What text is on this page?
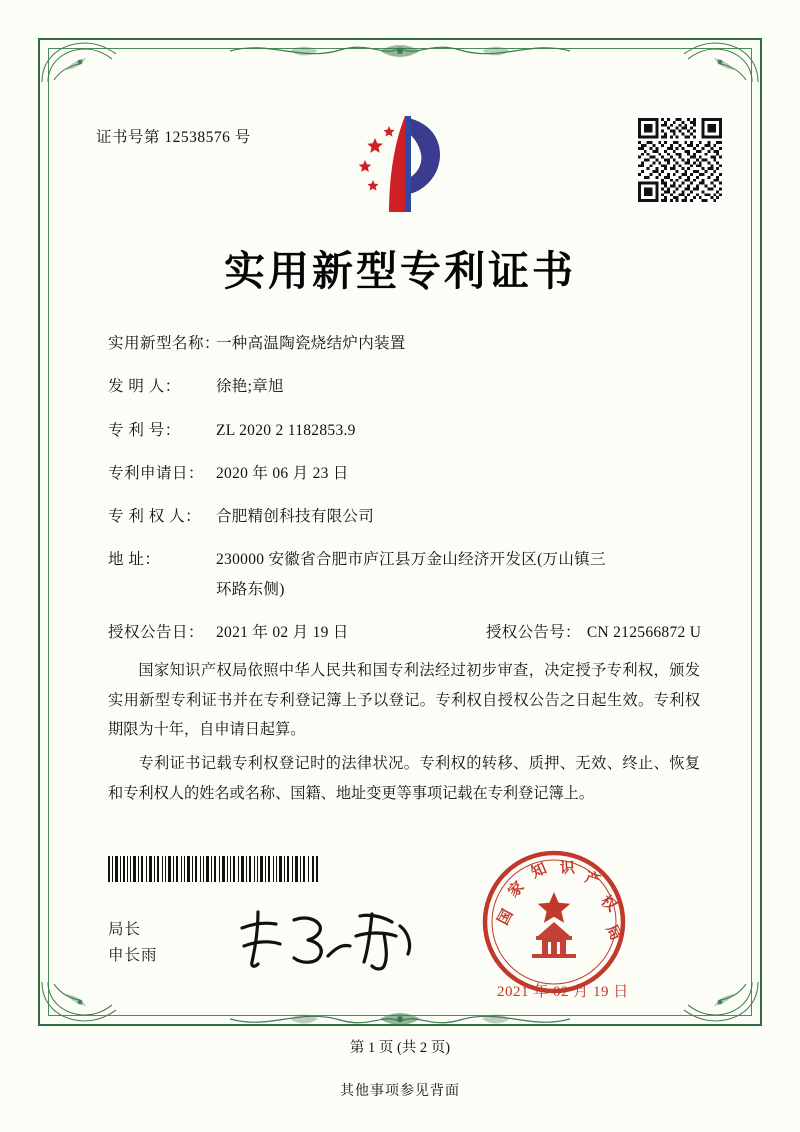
证书号第 12538576 号
实用新型专利证书
实用新型名称：
一种高温陶瓷烧结炉内装置
发 明 人：	徐艳;章旭
专 利 号：	ZL 2020 2 1182853.9
专利申请日： 2020 年 06 月 23 日
专 利 权 人： 合肥精创科技有限公司
地 址：	230000 安徽省合肥市庐江县万金山经济开发区(万山镇三
环路东侧)
授权公告日： 2021 年 02 月 19 日	授权公告号： CN 212566872 U

国家知识产权局依照中华人民共和国专利法经过初步审查，决定授予专利权，颁发实用新型专利证书并在专利登记簿上予以登记。专利权自授权公告之日起生效。专利权期限为十年，自申请日起算。

专利证书记载专利权登记时的法律状况。专利权的转移、质押、无效、终止、恢复和专利权人的姓名或名称、国籍、地址变更等事项记载在专利登记簿上。

局长
申长雨
国
家
知 识
产
权
局
2021 年 02 月 19 日
第 1 页 (共 2 页)
其他事项参见背面
